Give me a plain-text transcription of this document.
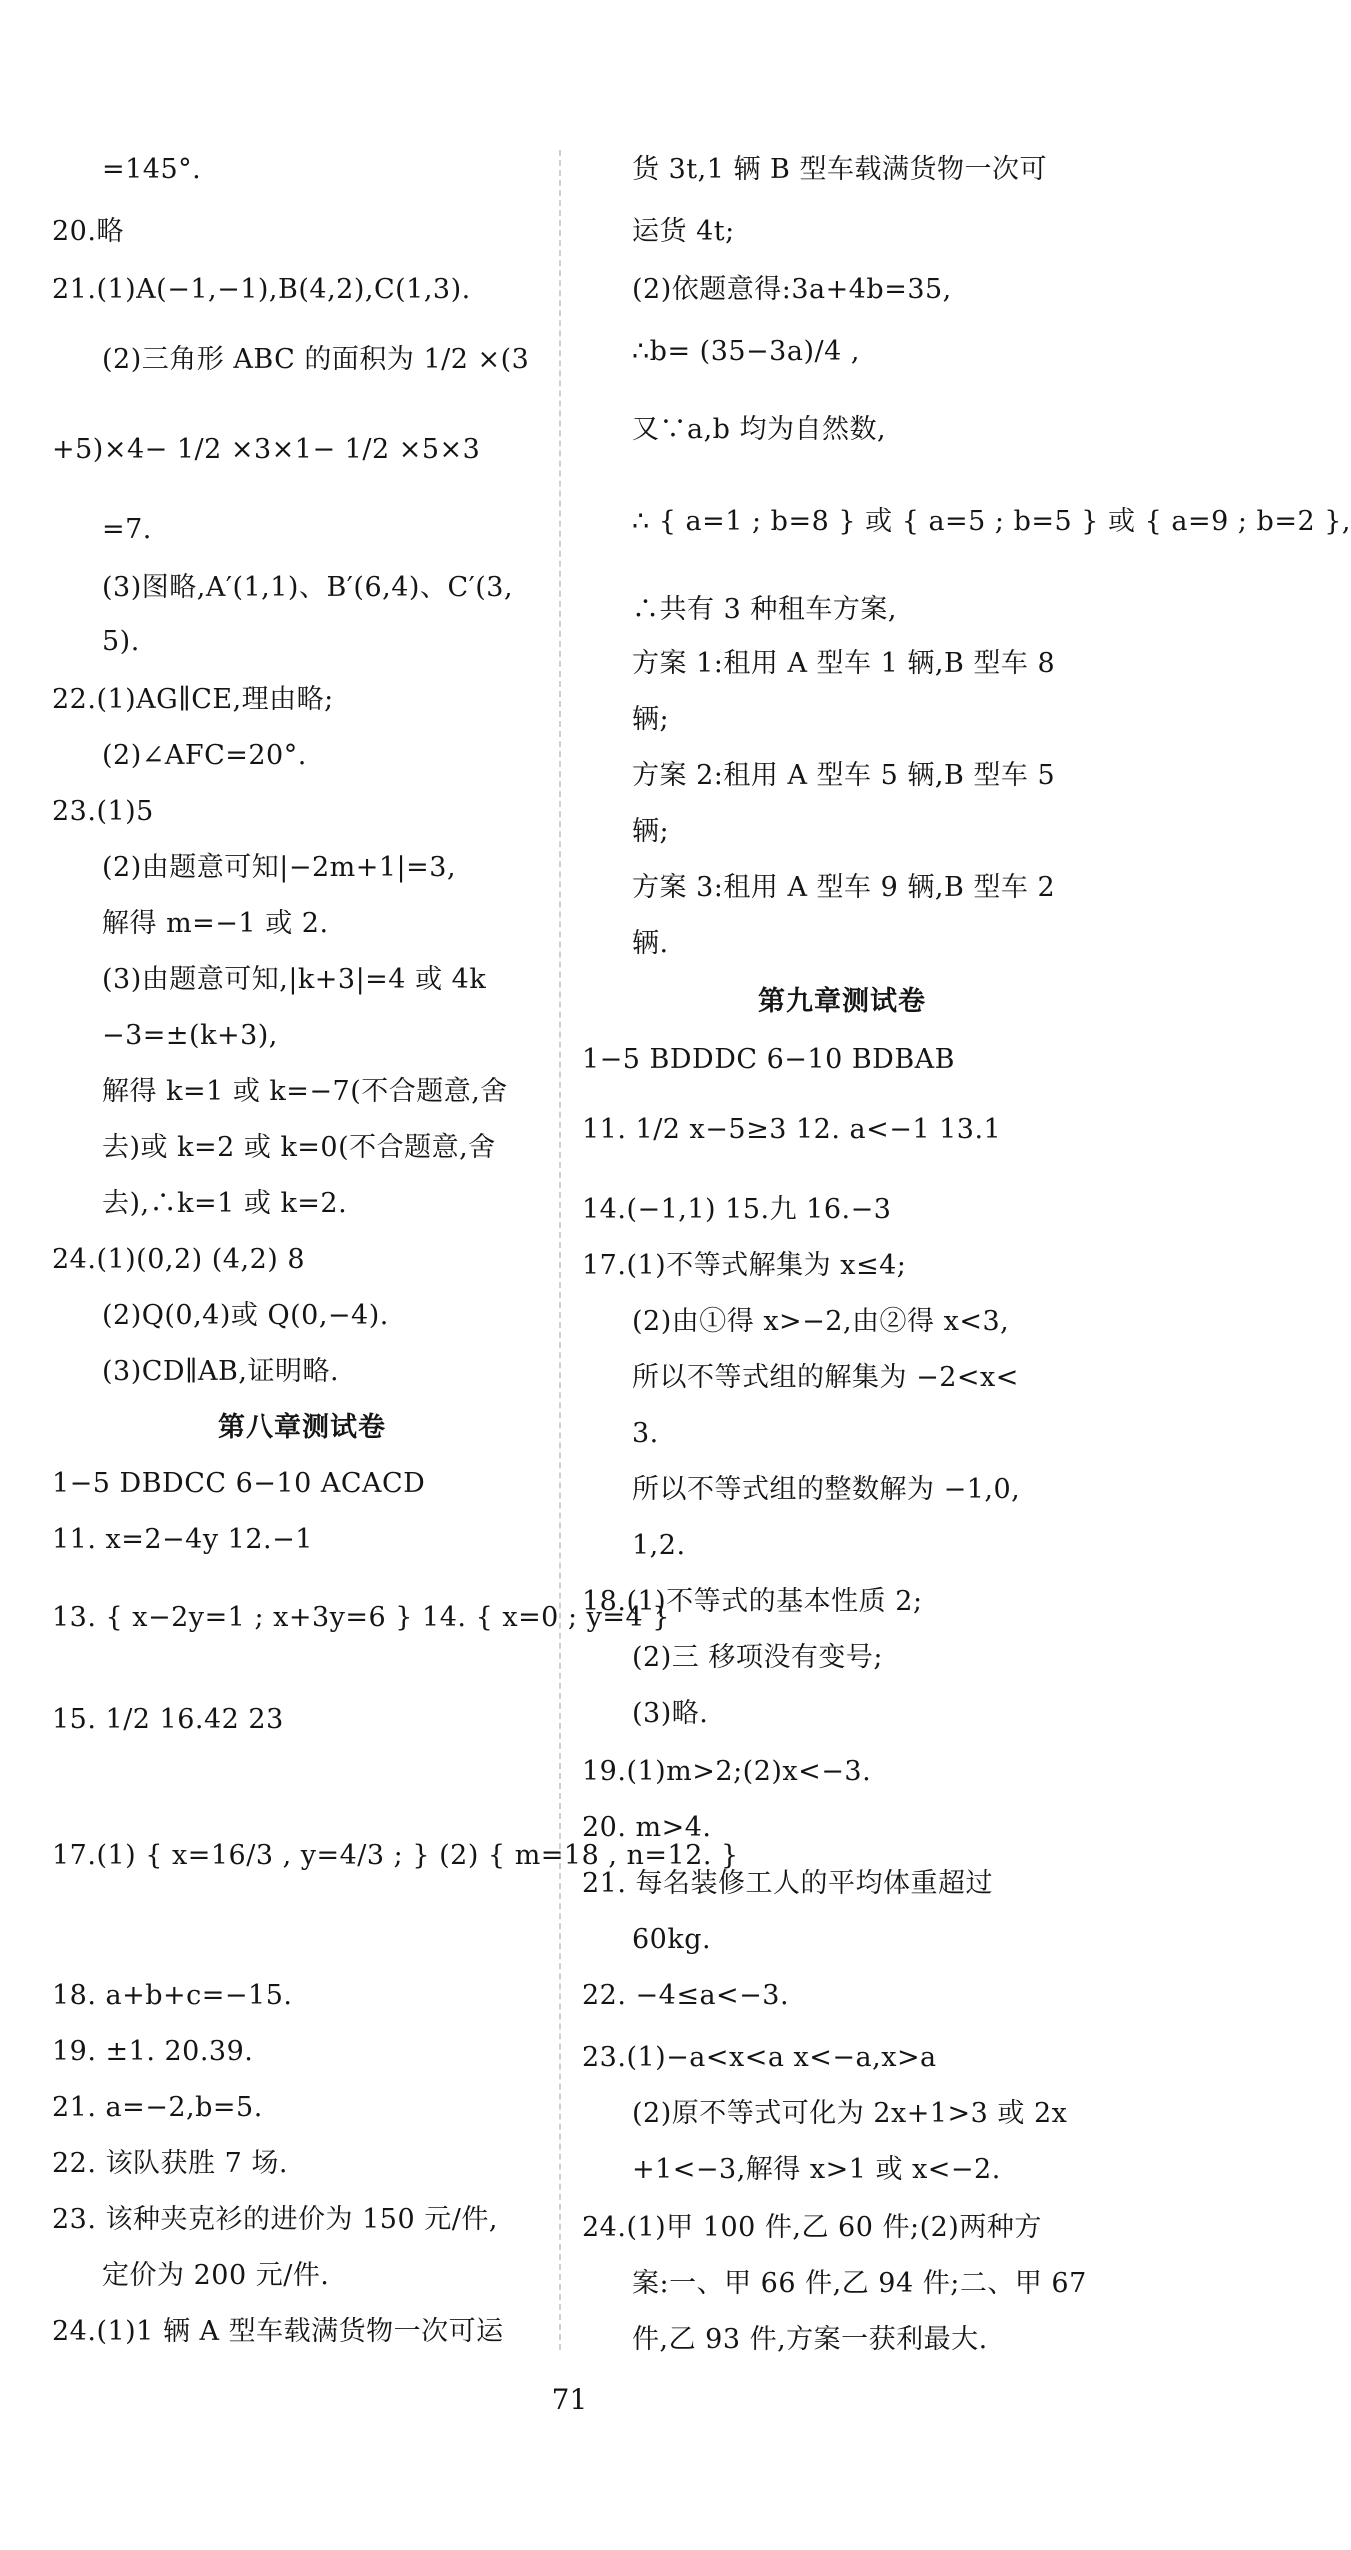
=145°.
20.略
21.(1)A(−1,−1),B(4,2),C(1,3).
(2)三角形 ABC 的面积为 1/2 ×(3
+5)×4− 1/2 ×3×1− 1/2 ×5×3
=7.
(3)图略,A′(1,1)、B′(6,4)、C′(3,
5).
22.(1)AG∥CE,理由略;
(2)∠AFC=20°.
23.(1)5
(2)由题意可知|−2m+1|=3,
解得 m=−1 或 2.
(3)由题意可知,|k+3|=4 或 4k
−3=±(k+3),
解得 k=1 或 k=−7(不合题意,舍
去)或 k=2 或 k=0(不合题意,舍
去),∴k=1 或 k=2.
24.(1)(0,2) (4,2) 8
(2)Q(0,4)或 Q(0,−4).
(3)CD∥AB,证明略.
第八章测试卷
1−5 DBDCC 6−10 ACACD
11. x=2−4y 12.−1
13. { x−2y=1 ; x+3y=6 } 14. { x=0 ; y=4 }
15. 1/2 16.42 23
17.(1) { x=16/3 , y=4/3 ; } (2) { m=18 , n=12. }
18. a+b+c=−15.
19. ±1. 20.39.
21. a=−2,b=5.
22. 该队获胜 7 场.
23. 该种夹克衫的进价为 150 元/件,
定价为 200 元/件.
24.(1)1 辆 A 型车载满货物一次可运
货 3t,1 辆 B 型车载满货物一次可
运货 4t;
(2)依题意得:3a+4b=35,
∴b= (35−3a)/4 ,
又∵a,b 均为自然数,
∴ { a=1 ; b=8 } 或 { a=5 ; b=5 } 或 { a=9 ; b=2 },
∴共有 3 种租车方案,
方案 1:租用 A 型车 1 辆,B 型车 8
辆;
方案 2:租用 A 型车 5 辆,B 型车 5
辆;
方案 3:租用 A 型车 9 辆,B 型车 2
辆.
第九章测试卷
1−5 BDDDC 6−10 BDBAB
11. 1/2 x−5≥3 12. a<−1 13.1
14.(−1,1) 15.九 16.−3
17.(1)不等式解集为 x≤4;
(2)由①得 x>−2,由②得 x<3,
所以不等式组的解集为 −2<x<
3.
所以不等式组的整数解为 −1,0,
1,2.
18.(1)不等式的基本性质 2;
(2)三 移项没有变号;
(3)略.
19.(1)m>2;(2)x<−3.
20. m>4.
21. 每名装修工人的平均体重超过
60kg.
22. −4≤a<−3.
23.(1)−a<x<a x<−a,x>a
(2)原不等式可化为 2x+1>3 或 2x
+1<−3,解得 x>1 或 x<−2.
24.(1)甲 100 件,乙 60 件;(2)两种方
案:一、甲 66 件,乙 94 件;二、甲 67
件,乙 93 件,方案一获利最大.
71
